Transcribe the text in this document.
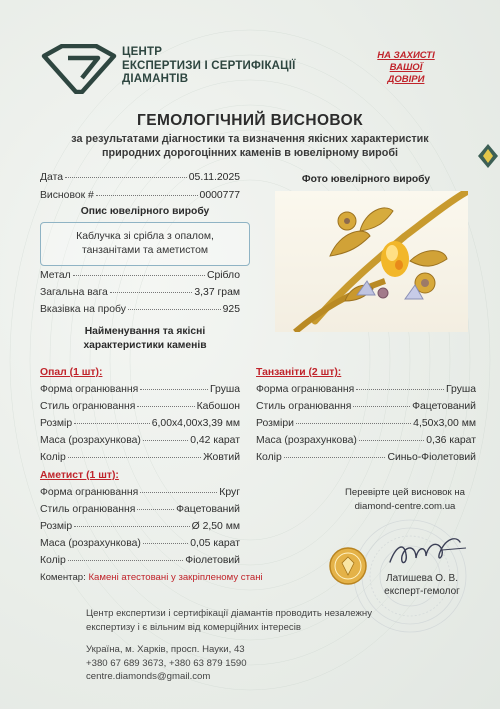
ЦЕНТР
ЕКСПЕРТИЗИ І СЕРТИФІКАЦІЇ
ДІАМАНТІВ
НА ЗАХИСТІ
ВАШОЇ
ДОВІРИ
ГЕМОЛОГІЧНИЙ ВИСНОВОК
за результатами діагностики та визначення якісних характеристик
природних дорогоцінних каменів в ювелірному виробі
Дата	05.11.2025
Висновок #	0000777
Опис ювелірного виробу
Каблучка зі срібла з опалом,
танзанітами та аметистом
Метал	Срібло
Загальна вага	3,37 грам
Вказівка на пробу	925
Найменування та якісні
характеристики каменів
Фото ювелірного виробу
Опал (1 шт):
Форма огранювання	Груша
Стиль огранювання	Кабошон
Розмір	6,00х4,00х3,39 мм
Маса (розрахункова)	0,42 карат
Колір	Жовтий
Танзаніти (2 шт):
Форма огранювання	Груша
Стиль огранювання	Фацетований
Розміри	4,50х3,00 мм
Маса (розрахункова)	0,36 карат
Колір	Синьо-Фіолетовий
Аметист (1 шт):
Форма огранювання	Круг
Стиль огранювання	Фацетований
Розмір	Ø 2,50 мм
Маса (розрахункова)	0,05 карат
Колір	Фіолетовий
Перевірте цей висновок на
diamond-centre.com.ua
Латишева О. В.
експерт-гемолог
Коментар: Камені атестовані у закріпленому стані
Центр експертизи і сертифікації діамантів проводить незалежну
експертизу і є вільним від комерційних інтересів
Україна, м. Харків, просп. Науки, 43
+380 67 689 3673, +380 63 879 1590
centre.diamonds@gmail.com
